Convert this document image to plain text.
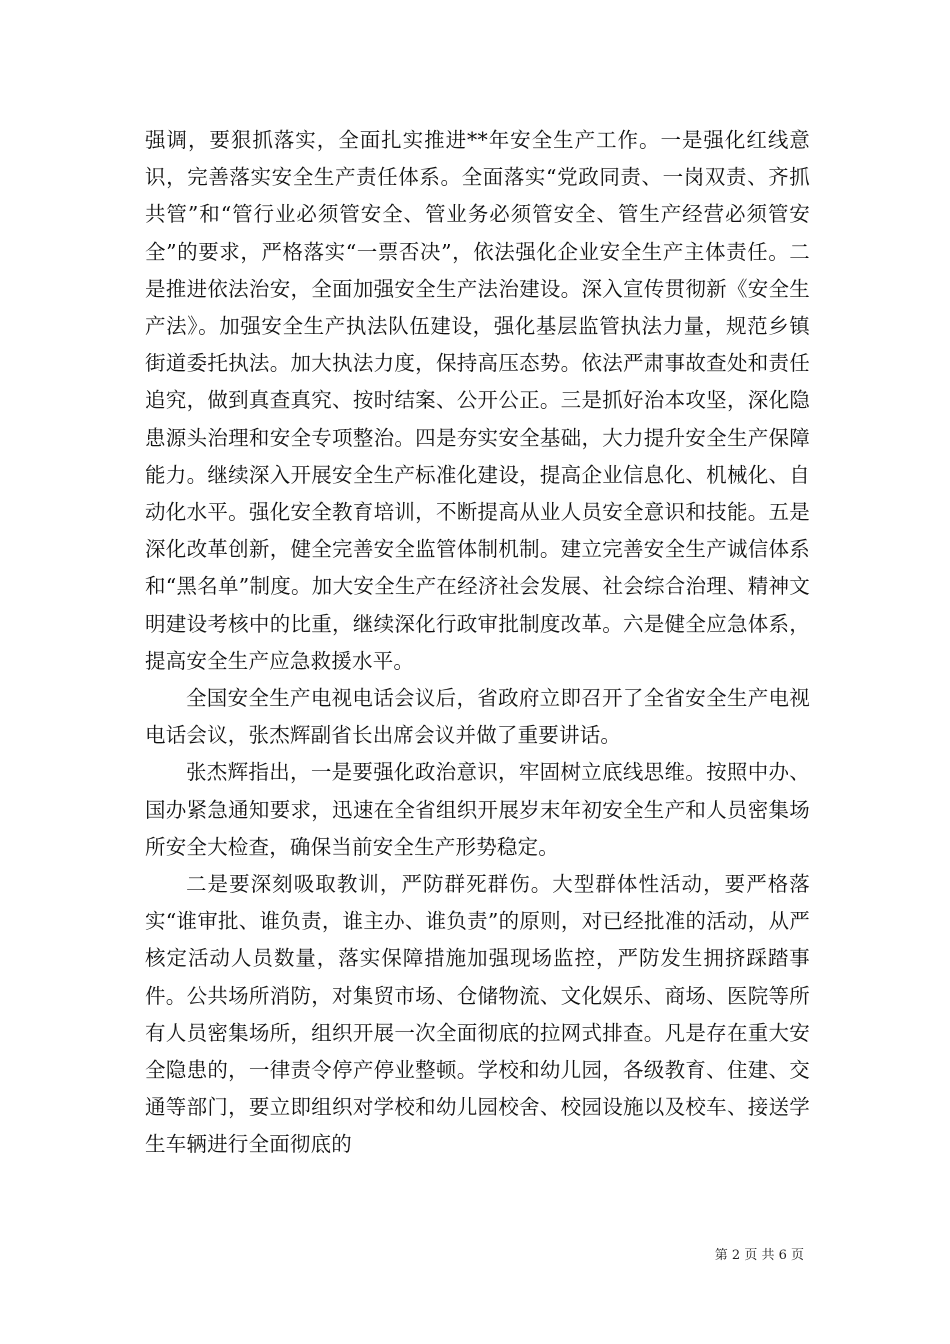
强调，要狠抓落实，全面扎实推进**年安全生产工作。一是强化红线意识，完善落实安全生产责任体系。全面落实“党政同责、一岗双责、齐抓共管”和“管行业必须管安全、管业务必须管安全、管生产经营必须管安全”的要求，严格落实“一票否决”，依法强化企业安全生产主体责任。二是推进依法治安，全面加强安全生产法治建设。深入宣传贯彻新《安全生产法》。加强安全生产执法队伍建设，强化基层监管执法力量，规范乡镇街道委托执法。加大执法力度，保持高压态势。依法严肃事故查处和责任追究，做到真查真究、按时结案、公开公正。三是抓好治本攻坚，深化隐患源头治理和安全专项整治。四是夯实安全基础，大力提升安全生产保障能力。继续深入开展安全生产标准化建设，提高企业信息化、机械化、自动化水平。强化安全教育培训，不断提高从业人员安全意识和技能。五是深化改革创新，健全完善安全监管体制机制。建立完善安全生产诚信体系和“黑名单”制度。加大安全生产在经济社会发展、社会综合治理、精神文明建设考核中的比重，继续深化行政审批制度改革。六是健全应急体系，提高安全生产应急救援水平。

全国安全生产电视电话会议后，省政府立即召开了全省安全生产电视电话会议，张杰辉副省长出席会议并做了重要讲话。

张杰辉指出，一是要强化政治意识，牢固树立底线思维。按照中办、国办紧急通知要求，迅速在全省组织开展岁末年初安全生产和人员密集场所安全大检查，确保当前安全生产形势稳定。

二是要深刻吸取教训，严防群死群伤。大型群体性活动，要严格落实“谁审批、谁负责，谁主办、谁负责”的原则，对已经批准的活动，从严核定活动人员数量，落实保障措施加强现场监控，严防发生拥挤踩踏事件。公共场所消防，对集贸市场、仓储物流、文化娱乐、商场、医院等所有人员密集场所，组织开展一次全面彻底的拉网式排查。凡是存在重大安全隐患的，一律责令停产停业整顿。学校和幼儿园，各级教育、住建、交通等部门，要立即组织对学校和幼儿园校舍、校园设施以及校车、接送学生车辆进行全面彻底的

第 2 页 共 6 页
